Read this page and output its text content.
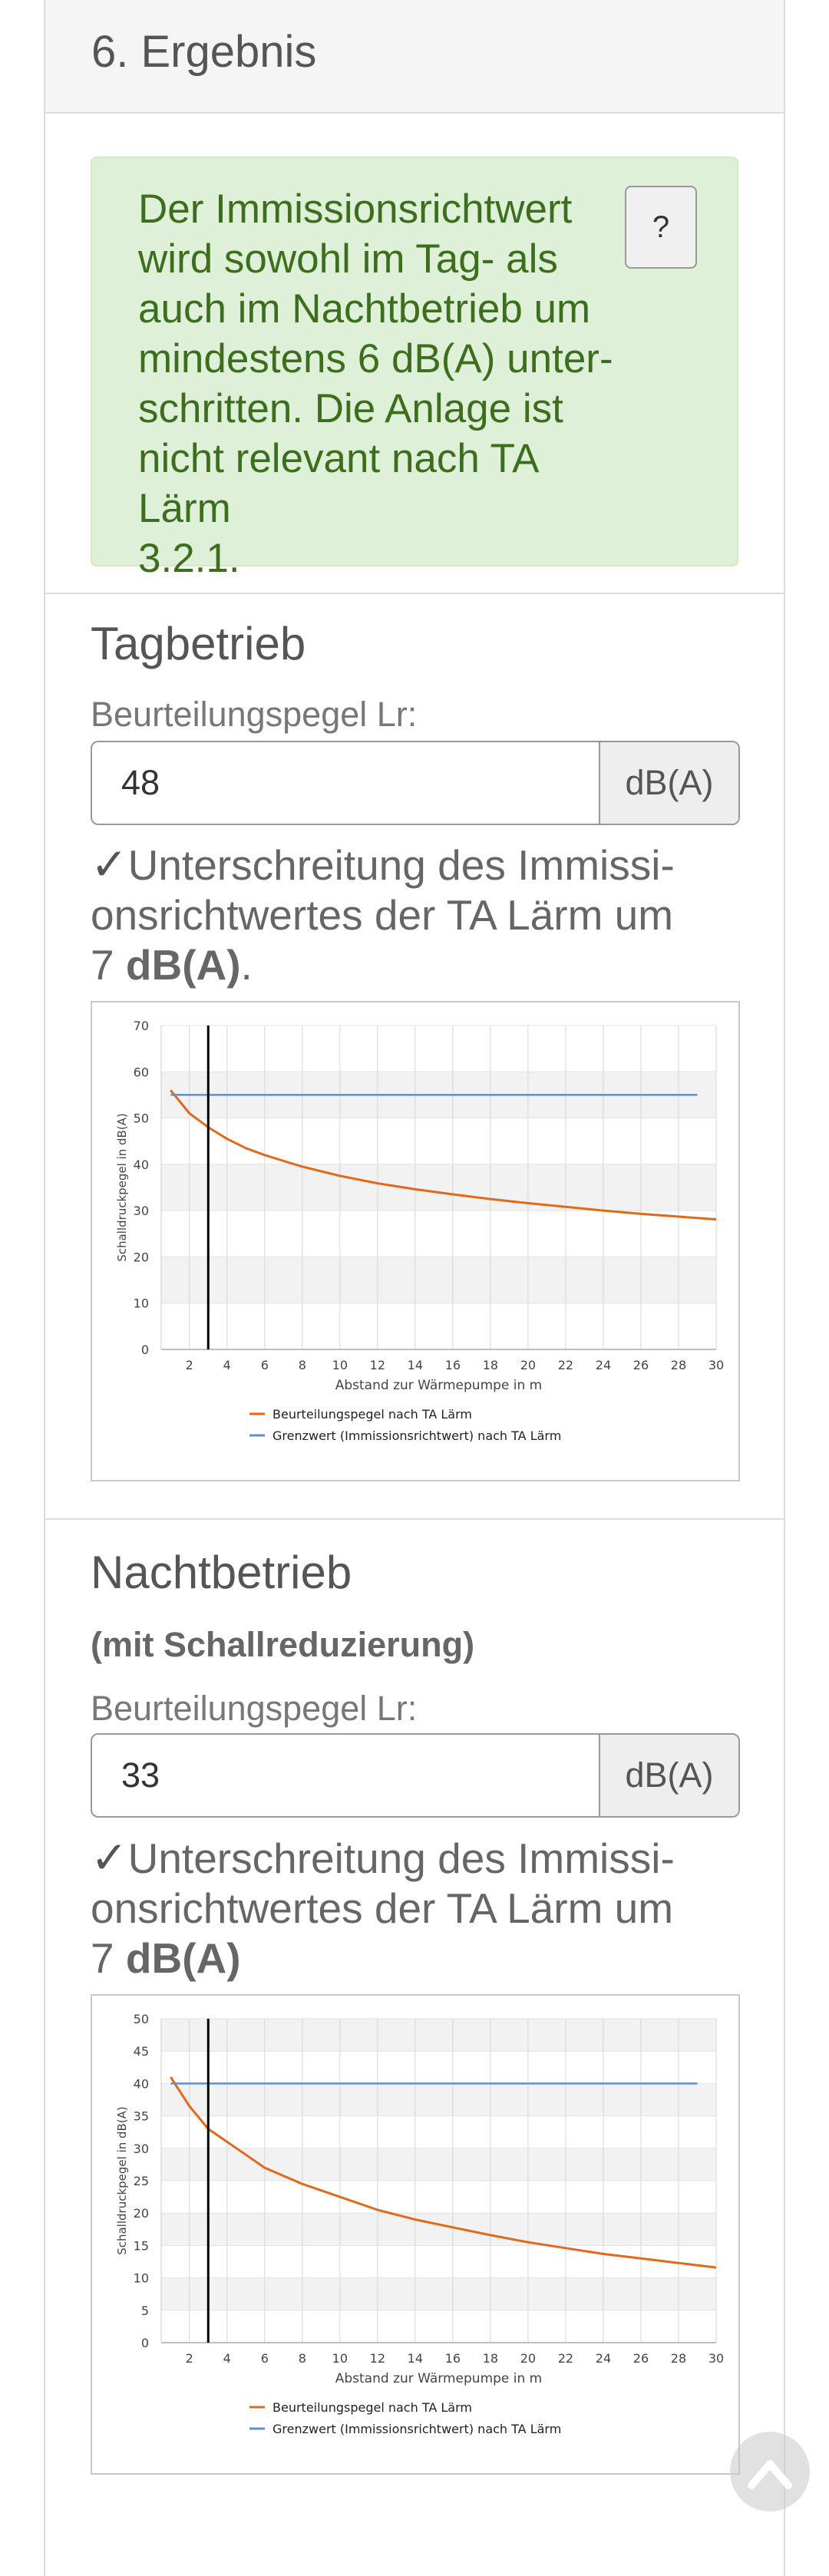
6. Ergebnis
Der Immissionsrichtwert
wird sowohl im Tag- als
auch im Nachtbetrieb um
mindestens 6 dB(A) unter-
schritten. Die Anlage ist
nicht relevant nach TA Lärm
3.2.1.
?
Tagbetrieb
Beurteilungspegel Lr:
48	dB(A)
✓Unterschreitung des Immissi-
onsrichtwertes der TA Lärm um
7 dB(A).
0
10
20
30
40
50
60
70
2 4 6 8 10 12 14 16 18 20 22 24 26 28 30
Abstand zur Wärmepumpe in m
Schalldruckpegel in dB(A)
Beurteilungspegel nach TA Lärm
Grenzwert (Immissionsrichtwert) nach TA Lärm
Nachtbetrieb
(mit Schallreduzierung)
Beurteilungspegel Lr:
33	dB(A)
✓Unterschreitung des Immissi-
onsrichtwertes der TA Lärm um
7 dB(A)
0
5
10
15
20
25
30
35
40
45
50
2 4 6 8 10 12 14 16 18 20 22 24 26 28 30
Abstand zur Wärmepumpe in m
Schalldruckpegel in dB(A)
Beurteilungspegel nach TA Lärm
Grenzwert (Immissionsrichtwert) nach TA Lärm
